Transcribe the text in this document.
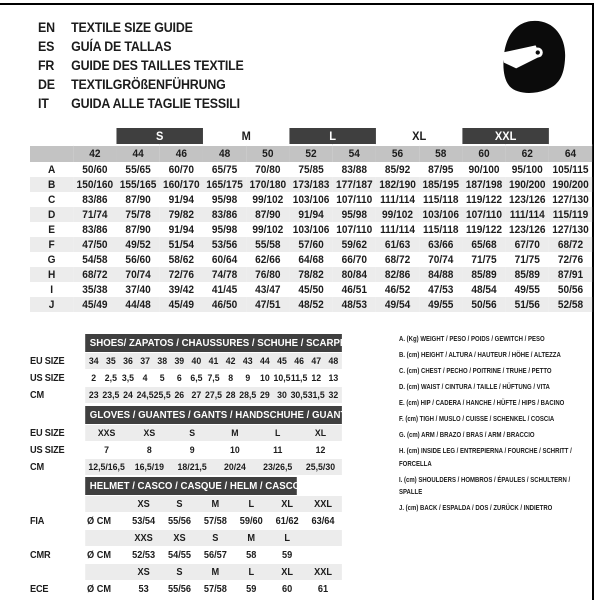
EN	TEXTILE SIZE GUIDE
ES	GUÍA DE TALLAS
FR	GUIDE DES TAILLES TEXTILE
DE	TEXTILGRÖßENFÜHRUNG
IT	GUIDA ALLE TAGLIE TESSILI
		S		M		L		XL		XXL		
	42	44	46	48	50	52	54	56	58	60	62	64
A	50/60	55/65	60/70	65/75	70/80	75/85	83/88	85/92	87/95	90/100	95/100	105/115
B	150/160	155/165	160/170	165/175	170/180	173/183	177/187	182/190	185/195	187/198	190/200	190/200
C	83/86	87/90	91/94	95/98	99/102	103/106	107/110	111/114	115/118	119/122	123/126	127/130
D	71/74	75/78	79/82	83/86	87/90	91/94	95/98	99/102	103/106	107/110	111/114	115/119
E	83/86	87/90	91/94	95/98	99/102	103/106	107/110	111/114	115/118	119/122	123/126	127/130
F	47/50	49/52	51/54	53/56	55/58	57/60	59/62	61/63	63/66	65/68	67/70	68/72
G	54/58	56/60	58/62	60/64	62/66	64/68	66/70	68/72	70/74	71/75	71/75	72/76
H	68/72	70/74	72/76	74/78	76/80	78/82	80/84	82/86	84/88	85/89	85/89	87/91
I	35/38	37/40	39/42	41/45	43/47	45/50	46/51	46/52	47/53	48/54	49/55	50/56
J	45/49	44/48	45/49	46/50	47/51	48/52	48/53	49/54	49/55	50/56	51/56	52/58
SHOES/ ZAPATOS / CHAUSSURES / SCHUHE / SCARPE
EU SIZE	34 35 36 37 38 39 40 41 42 43 44 45 46 47 48
US SIZE	2 2,5 3,5 4	5	6 6,5 7,5 8	9	10 10,5 11,5 12 13
CM	23 23,5 24 24,5 25,5 26 27 27,5 28 28,5 29 30 30,5 31,5 32
GLOVES / GUANTES / GANTS / HANDSCHUHE / GUANTI
EU SIZE	XXS	XS	S	M	L	XL
US SIZE	7	8	9	10	11	12
CM	12,5/16,5	16,5/19	18/21,5	20/24	23/26,5	25,5/30
HELMET / CASCO / CASQUE / HELM / CASCO
XS	S	M	L	XL	XXL
FIA	Ø CM	53/54	55/56	57/58	59/60	61/62	63/64
XXS	XS	S	M	L
CMR	Ø CM	52/53	54/55	56/57	58	59
XS	S	M	L	XL	XXL
ECE	Ø CM	53	55/56	57/58	59	60	61
A. (Kg) WEIGHT / PESO / POIDS / GEWITCH / PESO
B. (cm) HEIGHT / ALTURA / HAUTEUR / HÖHE / ALTEZZA
C. (cm) CHEST / PECHO / POITRINE / TRUHE / PETTO
D. (cm) WAIST / CINTURA / TAILLE / HÜFTUNG / VITA
E. (cm) HIP / CADERA / HANCHE / HÜFTE / HIPS / BACINO
F. (cm) TIGH / MUSLO / CUISSE / SCHENKEL / COSCIA
G. (cm) ARM / BRAZO / BRAS / ARM / BRACCIO
H. (cm) INSIDE LEG / ENTREPIERNA / FOURCHE / SCHRITT / FORCELLA
I. (cm) SHOULDERS / HOMBROS / ÉPAULES / SCHULTERN / SPALLE
J. (cm) BACK / ESPALDA / DOS / ZURÜCK / INDIETRO
